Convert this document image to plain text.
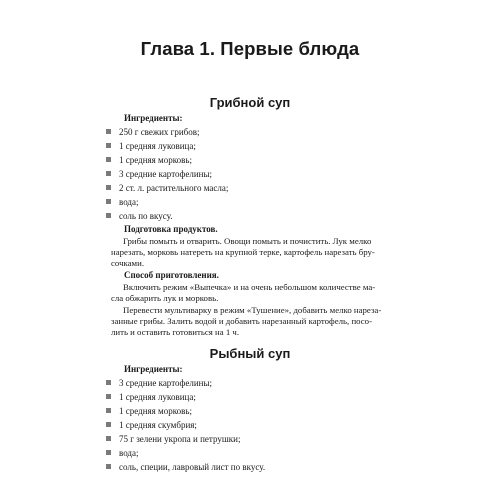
Глава 1. Первые блюда
Грибной суп
Ингредиенты:
250 г свежих грибов;
1 средняя луковица;
1 средняя морковь;
3 средние картофелины;
2 ст. л. растительного масла;
вода;
соль по вкусу.
Подготовка продуктов.
Грибы помыть и отварить. Овощи помыть и почистить. Лук мелко
нарезать, морковь натереть на крупной терке, картофель нарезать бру-
сочками.
Способ приготовления.
Включить режим «Выпечка» и на очень небольшом количестве ма-
сла обжарить лук и морковь.
Перевести мультиварку в режим «Тушение», добавить мелко нареза-
занные грибы. Залить водой и добавить нарезанный картофель, посо-
лить и оставить готовиться на 1 ч.
Рыбный суп
Ингредиенты:
3 средние картофелины;
1 средняя луковица;
1 средняя морковь;
1 средняя скумбрия;
75 г зелени укропа и петрушки;
вода;
соль, специи, лавровый лист по вкусу.
